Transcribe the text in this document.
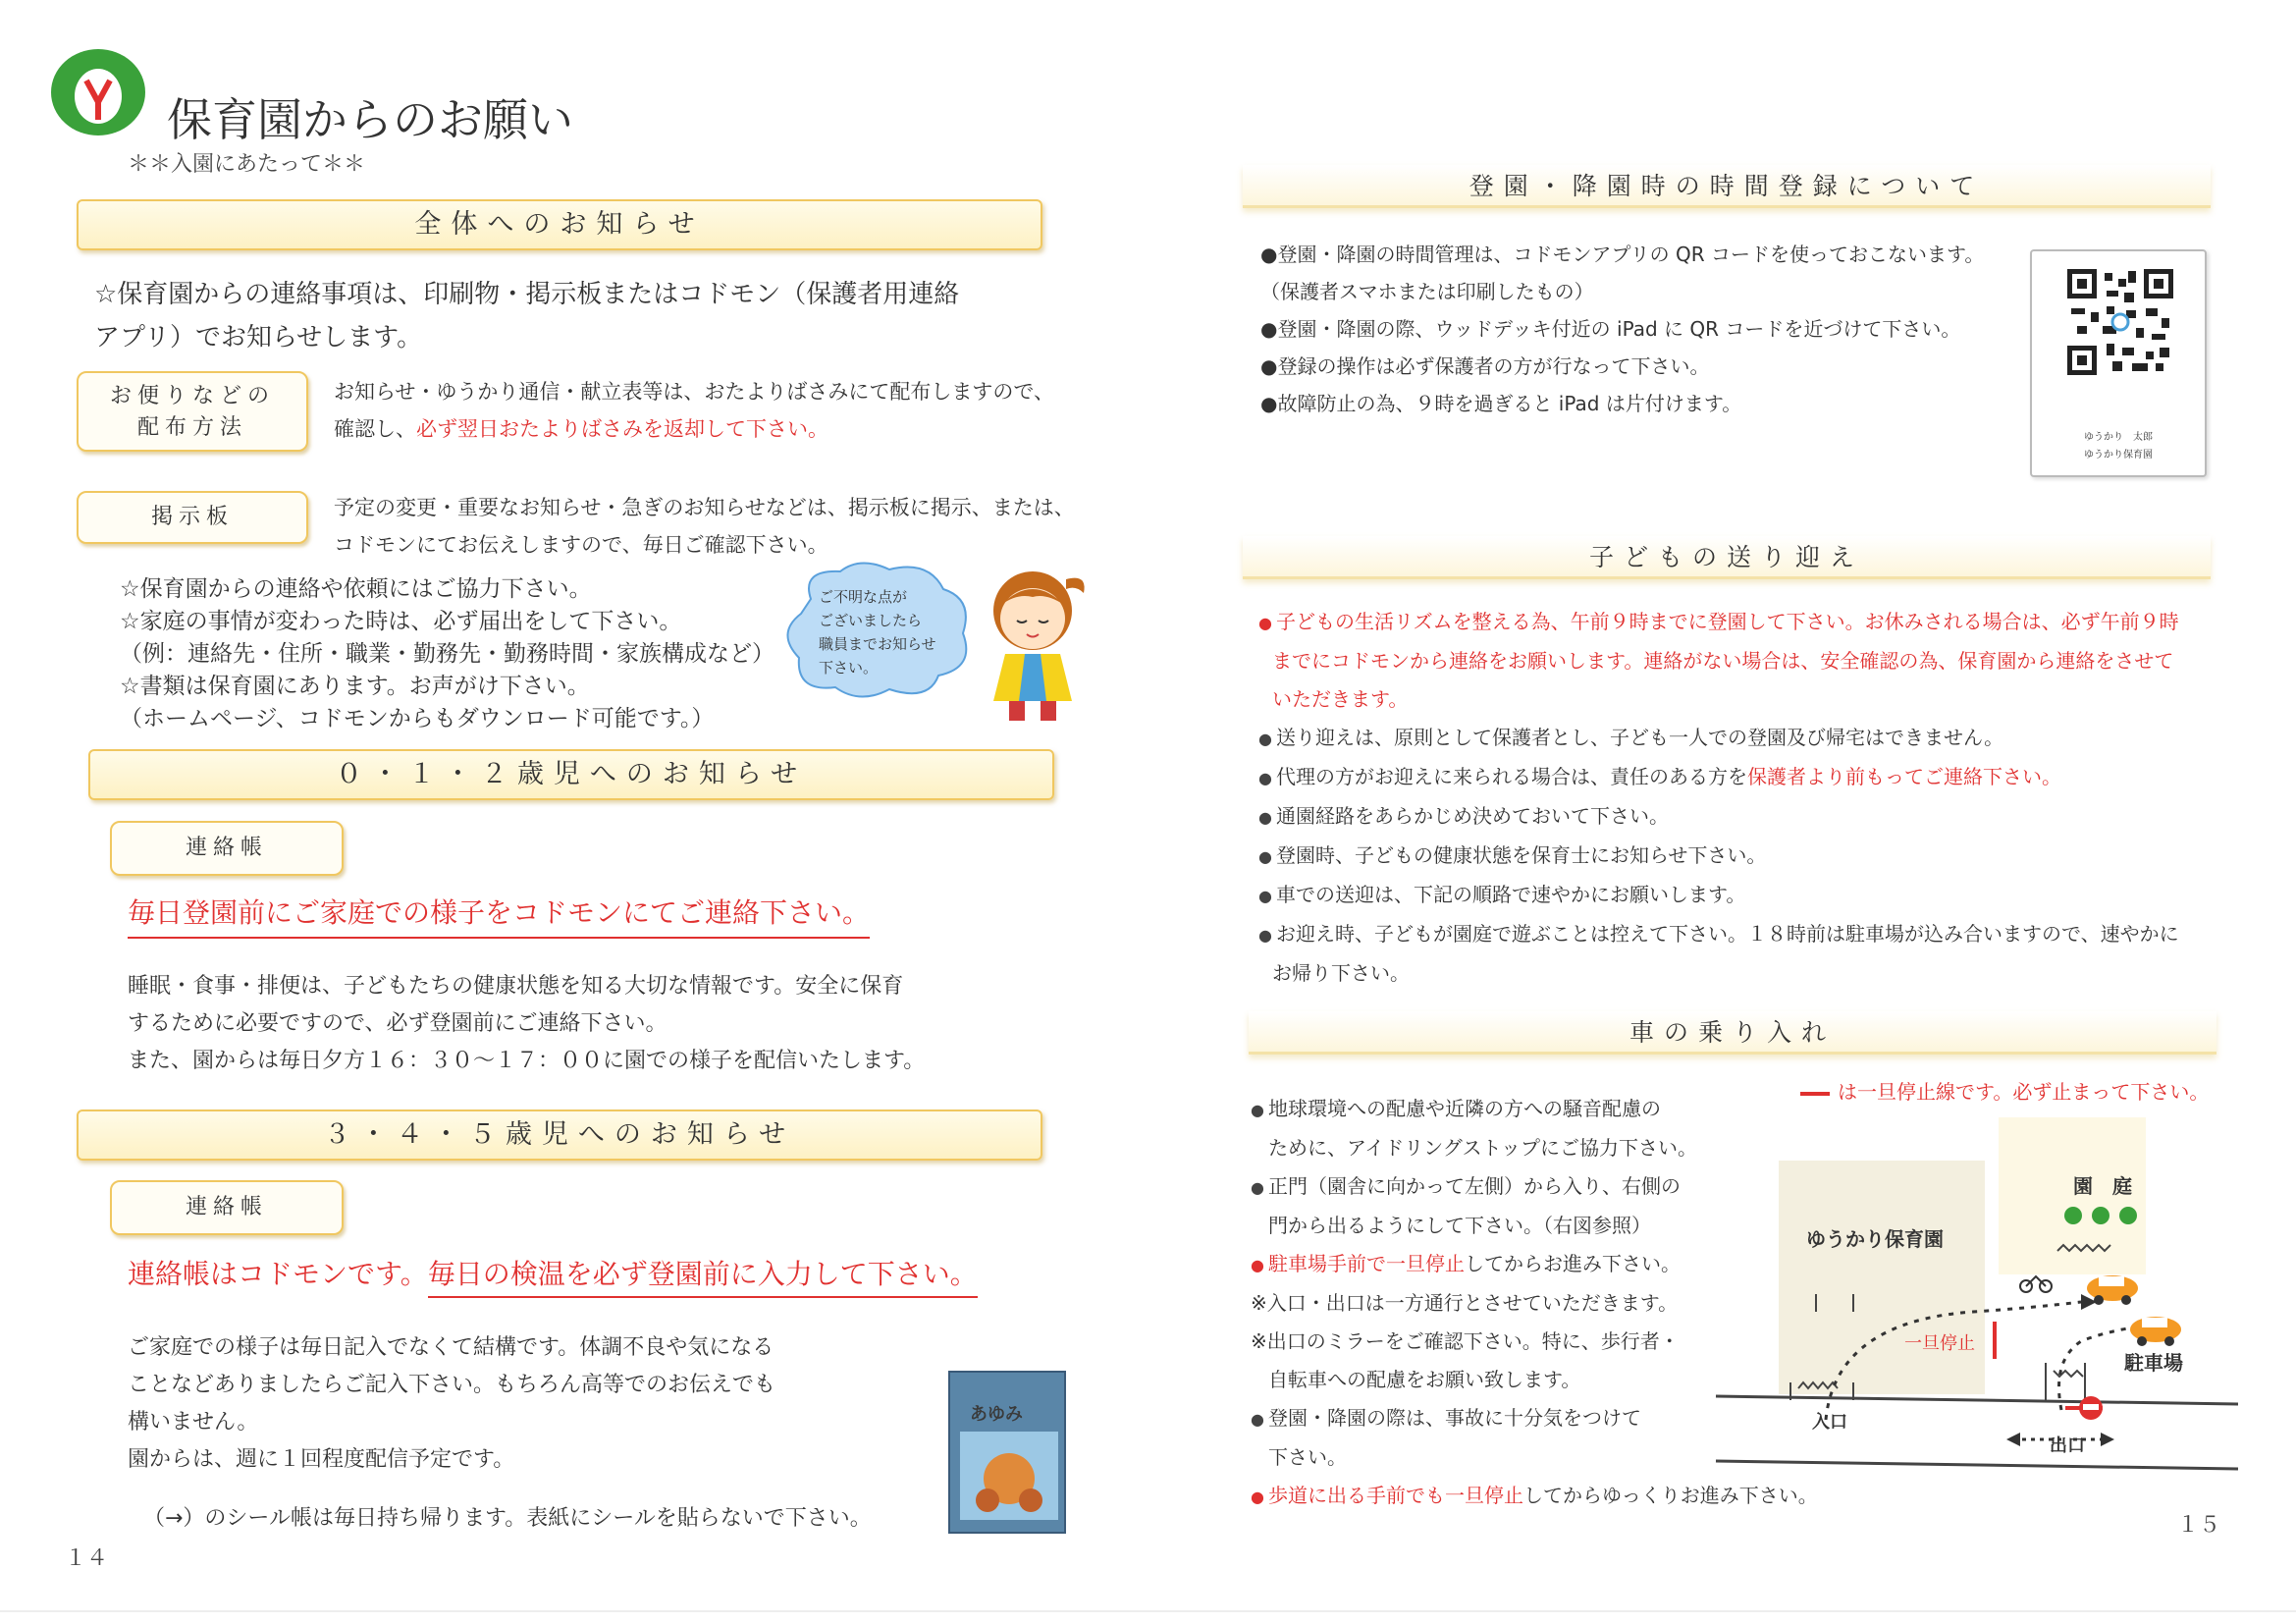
保育園からのお願い
＊＊入園にあたって＊＊
全体へのお知らせ

☆保育園からの連絡事項は、印刷物・掲示板またはコドモン（保護者用連絡

アプリ）でお知らせします。

お便りなどの
配布方法

お知らせ・ゆうかり通信・献立表等は、おたよりばさみにて配布しますので、

確認し、必ず翌日おたよりばさみを返却して下さい。

掲示板	予定の変更・重要なお知らせ・急ぎのお知らせなどは、掲示板に掲示、または、

コドモンにてお伝えしますので、毎日ご確認下さい。

☆保育園からの連絡や依頼にはご協力下さい。

☆家庭の事情が変わった時は、必ず届出をして下さい。

（例：連絡先・住所・職業・勤務先・勤務時間・家族構成など）

☆書類は保育園にあります。お声がけ下さい。

（ホームページ、コドモンからもダウンロード可能です。）

ご不明な点が

ございましたら

職員までお知らせ

下さい。

０・１・２歳児へのお知らせ
連絡帳
毎日登園前にご家庭での様子をコドモンにてご連絡下さい。

睡眠・食事・排便は、子どもたちの健康状態を知る大切な情報です。安全に保育

するために必要ですので、必ず登園前にご連絡下さい。

また、園からは毎日夕方１６：３０～１７：００に園での様子を配信いたします。

３・４・５歳児へのお知らせ
連絡帳
連絡帳はコドモンです。毎日の検温を必ず登園前に入力して下さい。

ご家庭での様子は毎日記入でなくて結構です。体調不良や気になる

ことなどありましたらご記入下さい。もちろん高等でのお伝えでも

構いません。

園からは、週に１回程度配信予定です。

（→）のシール帳は毎日持ち帰ります。表紙にシールを貼らないで下さい。
あゆみ
１４
登園・降園時の時間登録について

●登園・降園の時間管理は、コドモンアプリの QR コードを使っておこないます。

（保護者スマホまたは印刷したもの）

●登園・降園の際、ウッドデッキ付近の iPad に QR コードを近づけて下さい。

●登録の操作は必ず保護者の方が行なって下さい。

●故障防止の為、９時を過ぎると iPad は片付けます。

ゆうかり　太郎
ゆうかり保育園
子どもの送り迎え

● 子どもの生活リズムを整える為、午前９時までに登園して下さい。お休みされる場合は、必ず午前９時

までにコドモンから連絡をお願いします。連絡がない場合は、安全確認の為、保育園から連絡をさせて

いただきます。

● 送り迎えは、原則として保護者とし、子ども一人での登園及び帰宅はできません。

● 代理の方がお迎えに来られる場合は、責任のある方を保護者より前もってご連絡下さい。

● 通園経路をあらかじめ決めておいて下さい。

● 登園時、子どもの健康状態を保育士にお知らせ下さい。

● 車での送迎は、下記の順路で速やかにお願いします。

● お迎え時、子どもが園庭で遊ぶことは控えて下さい。１８時前は駐車場が込み合いますので、速やかに

お帰り下さい。

車の乗り入れ

● 地球環境への配慮や近隣の方への騒音配慮の

ために、アイドリングストップにご協力下さい。

● 正門（園舎に向かって左側）から入り、右側の

門から出るようにして下さい。（右図参照）

● 駐車場手前で一旦停止してからお進み下さい。

※入口・出口は一方通行とさせていただきます。

※出口のミラーをご確認下さい。特に、歩行者・

自転車への配慮をお願い致します。

● 登園・降園の際は、事故に十分気をつけて

下さい。

● 歩道に出る手前でも一旦停止してからゆっくりお進み下さい。

は一旦停止線です。必ず止まって下さい。
ゆうかり保育園
園　庭
一旦停止
駐車場
入口
出口
１５
